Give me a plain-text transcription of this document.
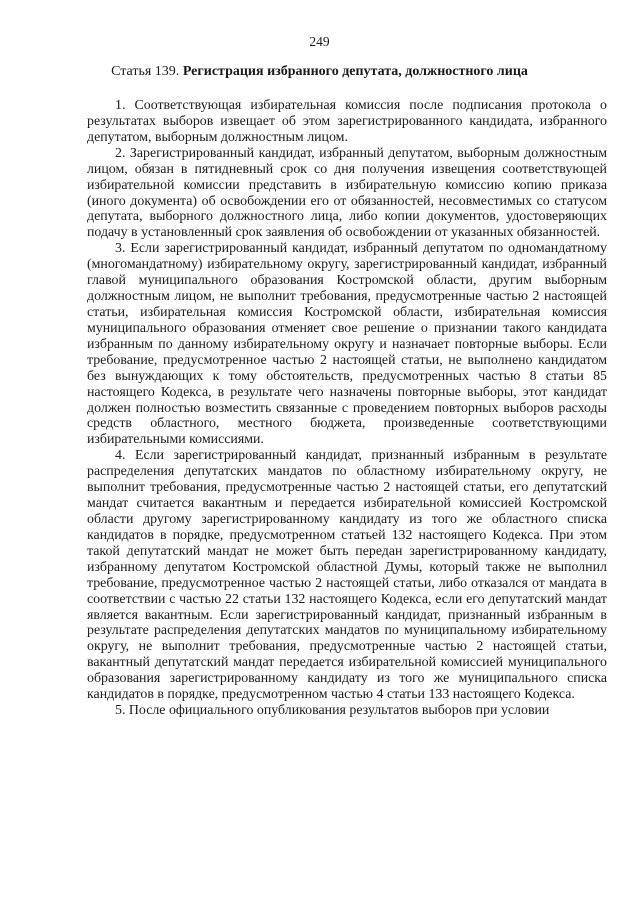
249
Статья 139. Регистрация избранного депутата, должностного лица

1. Соответствующая избирательная комиссия после подписания протокола о результатах выборов извещает об этом зарегистрированного кандидата, избранного депутатом, выборным должностным лицом.

2. Зарегистрированный кандидат, избранный депутатом, выборным должностным лицом, обязан в пятидневный срок со дня получения извещения соответствующей избирательной комиссии представить в избирательную комиссию копию приказа (иного документа) об освобождении его от обязанностей, несовместимых со статусом депутата, выборного должностного лица, либо копии документов, удостоверяющих подачу в установленный срок заявления об освобождении от указанных обязанностей.

3. Если зарегистрированный кандидат, избранный депутатом по одномандатному (многомандатному) избирательному округу, зарегистрированный кандидат, избранный главой муниципального образования Костромской области, другим выборным должностным лицом, не выполнит требования, предусмотренные частью 2 настоящей статьи, избирательная комиссия Костромской области, избирательная комиссия муниципального образования отменяет свое решение о признании такого кандидата избранным по данному избирательному округу и назначает повторные выборы. Если требование, предусмотренное частью 2 настоящей статьи, не выполнено кандидатом без вынуждающих к тому обстоятельств, предусмотренных частью 8 статьи 85 настоящего Кодекса, в результате чего назначены повторные выборы, этот кандидат должен полностью возместить связанные с проведением повторных выборов расходы средств областного, местного бюджета, произведенные соответствующими избирательными комиссиями.

4. Если зарегистрированный кандидат, признанный избранным в результате распределения депутатских мандатов по областному избирательному округу, не выполнит требования, предусмотренные частью 2 настоящей статьи, его депутатский мандат считается вакантным и передается избирательной комиссией Костромской области другому зарегистрированному кандидату из того же областного списка кандидатов в порядке, предусмотренном статьей 132 настоящего Кодекса. При этом такой депутатский мандат не может быть передан зарегистрированному кандидату, избранному депутатом Костромской областной Думы, который также не выполнил требование, предусмотренное частью 2 настоящей статьи, либо отказался от мандата в соответствии с частью 22 статьи 132 настоящего Кодекса, если его депутатский мандат является вакантным. Если зарегистрированный кандидат, признанный избранным в результате распределения депутатских мандатов по муниципальному избирательному округу, не выполнит требования, предусмотренные частью 2 настоящей статьи, вакантный депутатский мандат передается избирательной комиссией муниципального образования зарегистрированному кандидату из того же муниципального списка кандидатов в порядке, предусмотренном частью 4 статьи 133 настоящего Кодекса.

5. После официального опубликования результатов выборов при условии
